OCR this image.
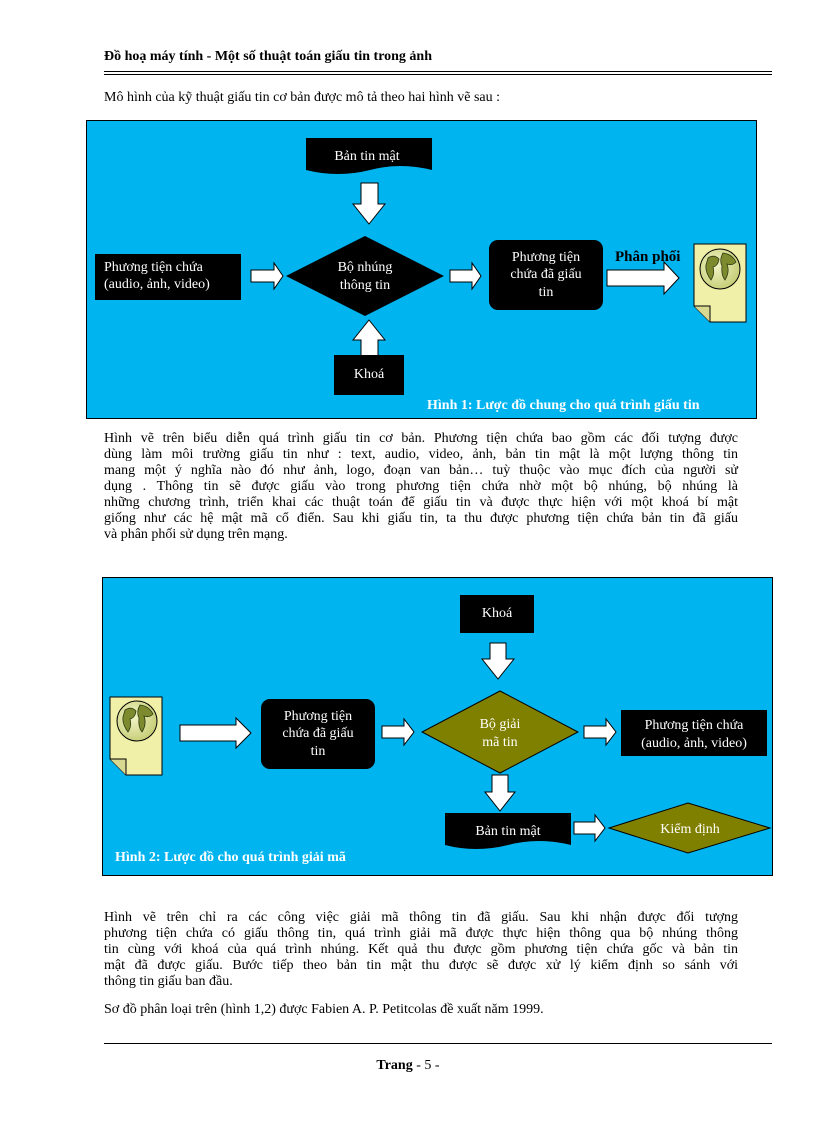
Đồ hoạ máy tính - Một số thuật toán giấu tin trong ảnh
Mô hình của kỹ thuật giấu tin cơ bản được mô tả theo hai hình vẽ sau :
Bản tin mật
Phương tiện chứa
(audio, ảnh, video)
Bộ nhúng
thông tin
Khoá
Phương tiện
chứa đã giấu
tin
Phân phối
Hình 1: Lược đồ chung cho quá trình giấu tin
Hình vẽ trên biểu diễn quá trình giấu tin cơ bản. Phương tiện chứa bao gồm các đối tượng được
dùng làm môi trường giấu tin như : text, audio, video, ảnh, bản tin mật là một lượng thông tin
mang một ý nghĩa nào đó như ảnh, logo, đoạn van bản… tuỳ thuộc vào mục đích của người sử
dụng . Thông tin sẽ được giấu vào trong phương tiện chứa nhờ một bộ nhúng, bộ nhúng là
những chương trình, triển khai các thuật toán để giấu tin và được thực hiện với một khoá bí mật
giống như các hệ mật mã cổ điển. Sau khi giấu tin, ta thu được phương tiện chứa bản tin đã giấu
và phân phối sử dụng trên mạng.
Khoá
Phương tiện
chứa đã giấu
tin
Bộ giải
mã tin
Phương tiện chứa
(audio, ảnh, video)
Bản tin mật	Kiểm định
Hình 2: Lược đồ cho quá trình giải mã
Hình vẽ trên chỉ ra các công việc giải mã thông tin đã giấu. Sau khi nhận được đối tượng
phương tiện chứa có giấu thông tin, quá trình giải mã được thực hiện thông qua bộ nhúng thông
tin cùng với khoá của quá trình nhúng. Kết quả thu được gồm phương tiện chứa gốc và bản tin
mật đã được giấu. Bước tiếp theo bản tin mật thu được sẽ được xử lý kiểm định so sánh với
thông tin giấu ban đầu.
Sơ đồ phân loại trên (hình 1,2) được Fabien A. P. Petitcolas đề xuất năm 1999.
Trang - 5 -
